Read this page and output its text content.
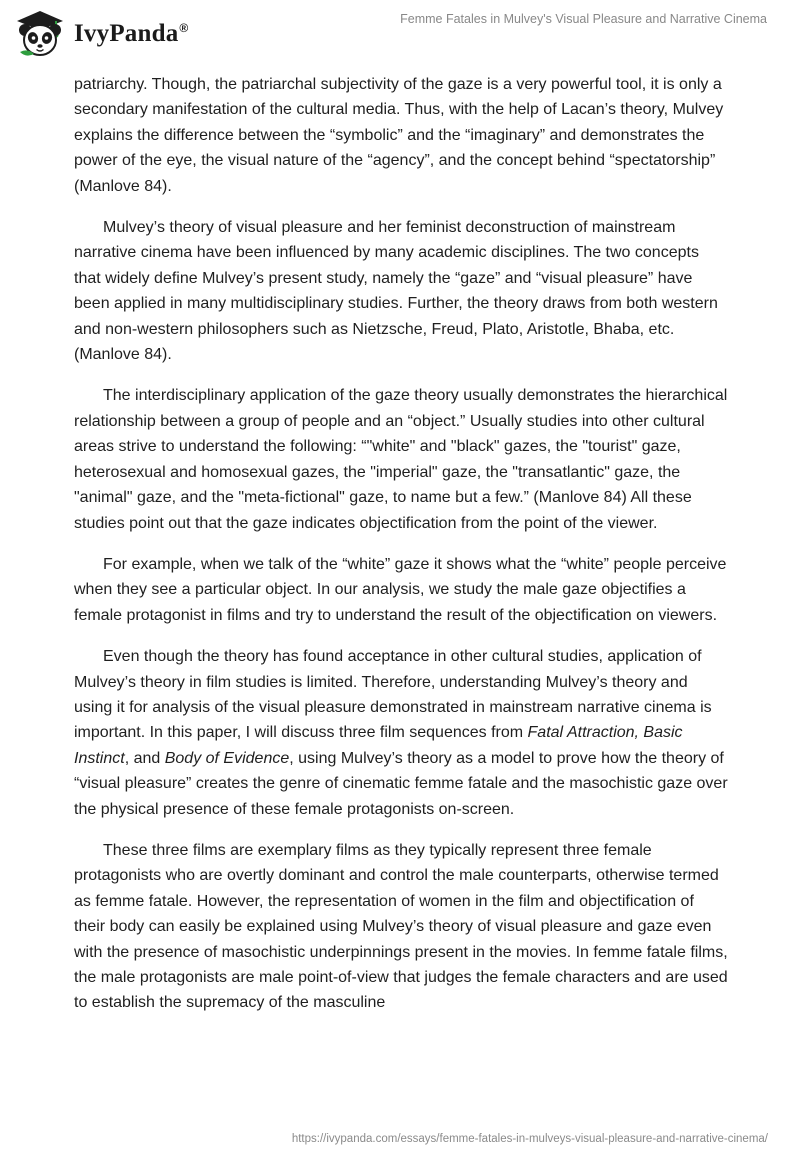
IvyPanda®
Femme Fatales in Mulvey's Visual Pleasure and Narrative Cinema

patriarchy. Though, the patriarchal subjectivity of the gaze is a very powerful tool, it is only a secondary manifestation of the cultural media. Thus, with the help of Lacan’s theory, Mulvey explains the difference between the “symbolic” and the “imaginary” and demonstrates the power of the eye, the visual nature of the “agency”, and the concept behind “spectatorship” (Manlove 84).

Mulvey’s theory of visual pleasure and her feminist deconstruction of mainstream narrative cinema have been influenced by many academic disciplines. The two concepts that widely define Mulvey’s present study, namely the “gaze” and “visual pleasure” have been applied in many multidisciplinary studies. Further, the theory draws from both western and non-western philosophers such as Nietzsche, Freud, Plato, Aristotle, Bhaba, etc. (Manlove 84).

The interdisciplinary application of the gaze theory usually demonstrates the hierarchical relationship between a group of people and an “object.” Usually studies into other cultural areas strive to understand the following: “"white" and "black" gazes, the "tourist" gaze, heterosexual and homosexual gazes, the "imperial" gaze, the "transatlantic" gaze, the "animal" gaze, and the "meta-fictional" gaze, to name but a few.” (Manlove 84) All these studies point out that the gaze indicates objectification from the point of the viewer.

For example, when we talk of the “white” gaze it shows what the “white” people perceive when they see a particular object. In our analysis, we study the male gaze objectifies a female protagonist in films and try to understand the result of the objectification on viewers.

Even though the theory has found acceptance in other cultural studies, application of Mulvey’s theory in film studies is limited. Therefore, understanding Mulvey’s theory and using it for analysis of the visual pleasure demonstrated in mainstream narrative cinema is important. In this paper, I will discuss three film sequences from Fatal Attraction, Basic Instinct, and Body of Evidence, using Mulvey’s theory as a model to prove how the theory of “visual pleasure” creates the genre of cinematic femme fatale and the masochistic gaze over the physical presence of these female protagonists on-screen.

These three films are exemplary films as they typically represent three female protagonists who are overtly dominant and control the male counterparts, otherwise termed as femme fatale. However, the representation of women in the film and objectification of their body can easily be explained using Mulvey’s theory of visual pleasure and gaze even with the presence of masochistic underpinnings present in the movies. In femme fatale films, the male protagonists are male point-of-view that judges the female characters and are used to establish the supremacy of the masculine

https://ivypanda.com/essays/femme-fatales-in-mulveys-visual-pleasure-and-narrative-cinema/
